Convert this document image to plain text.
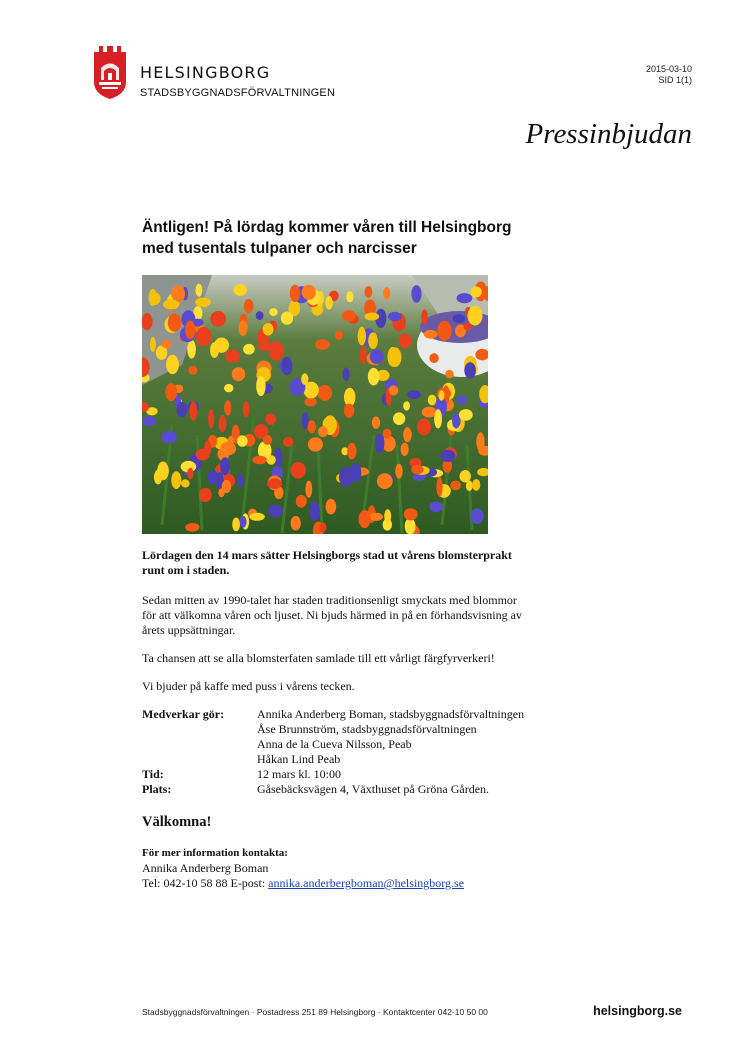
HELSINGBORG
STADSBYGGNADSFÖRVALTNINGEN
2015-03-10
SID 1(1)
Pressinbjudan
Äntligen! På lördag kommer våren till Helsingborg
med tusentals tulpaner och narcisser
Lördagen den 14 mars sätter Helsingborgs stad ut vårens blomsterprakt
runt om i staden.
Sedan mitten av 1990-talet har staden traditionsenligt smyckats med blommor
för att välkomna våren och ljuset. Ni bjuds härmed in på en förhandsvisning av
årets uppsättningar.
Ta chansen att se alla blomsterfaten samlade till ett vårligt färgfyrverkeri!
Vi bjuder på kaffe med puss i vårens tecken.
Medverkar gör:	Annika Anderberg Boman, stadsbyggnadsförvaltningen
Åse Brunnström, stadsbyggnadsförvaltningen
Anna de la Cueva Nilsson, Peab
Håkan Lind Peab
Tid:	12 mars kl. 10:00
Plats:	Gåsebäcksvägen 4, Växthuset på Gröna Gården.
Välkomna!
För mer information kontakta:
Annika Anderberg Boman
Tel: 042-10 58 88 E-post: annika.anderbergboman@helsingborg.se
Stadsbyggnadsförvaltningen · Postadress 251 89 Helsingborg · Kontaktcenter 042-10 50 00	helsingborg.se
